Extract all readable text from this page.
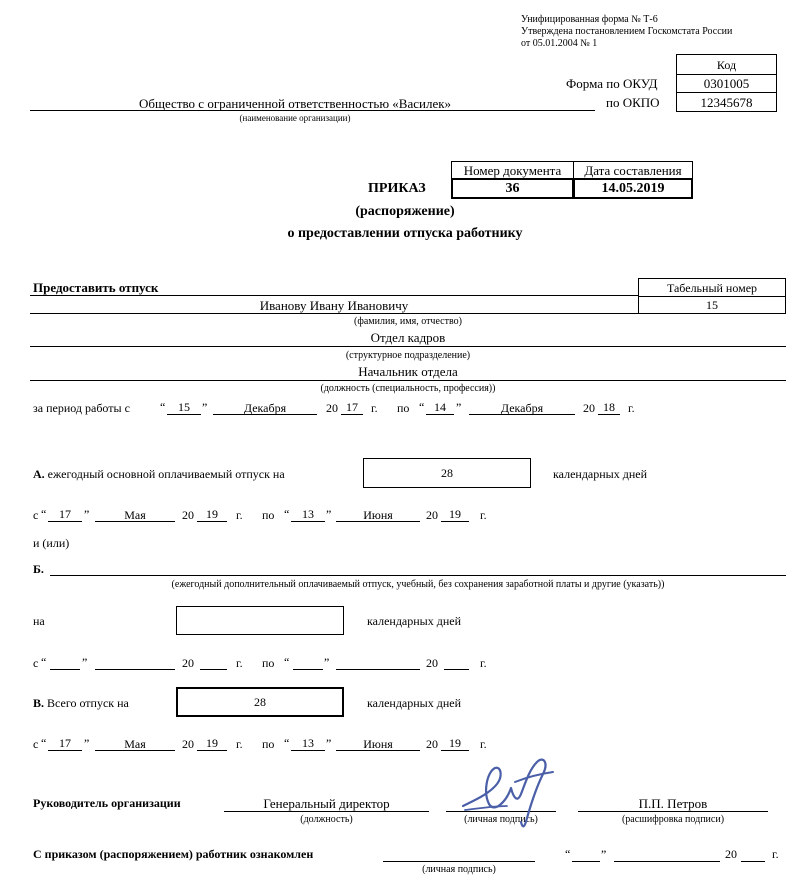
Унифицированная форма № Т-6
Утверждена постановлением Госкомстата России
от 05.01.2004 № 1
Код
Форма по ОКУД	0301005
по ОКПО	12345678
Общество с ограниченной ответственностью «Василек»
(наименование организации)
Номер документа	Дата составления
36	14.05.2019
ПРИКАЗ
(распоряжение)
о предоставлении отпуска работнику
Предоставить отпуск	Табельный номер
15
Иванову Ивану Ивановичу
(фамилия, имя, отчество)
Отдел кадров
(структурное подразделение)
Начальник отдела
(должность (специальность, профессия))
за период работы с	“	15	”	Декабря	20 17	г. по “ 14 ”	Декабря	20 18	г.
А. ежегодный основной оплачиваемый отпуск на	28	календарных дней
с “	17	”	Мая	20	19	г. по “	13	”	Июня	20 19	г.
и (или)
Б.
(ежегодный дополнительный оплачиваемый отпуск, учебный, без сохранения заработной платы и другие (указать))
на	календарных дней
с “	”	20	г. по “	”	20	г.
В. Всего отпуск на	28	календарных дней
с “	17	”	Мая	20	19	г. по “	13	”	Июня	20 19	г.
Руководитель организации	Генеральный директор
(должность)	(личная подпись)
П.П. Петров
(расшифровка подписи)
С приказом (распоряжением) работник ознакомлен
(личная подпись)
“	”	20	г.
